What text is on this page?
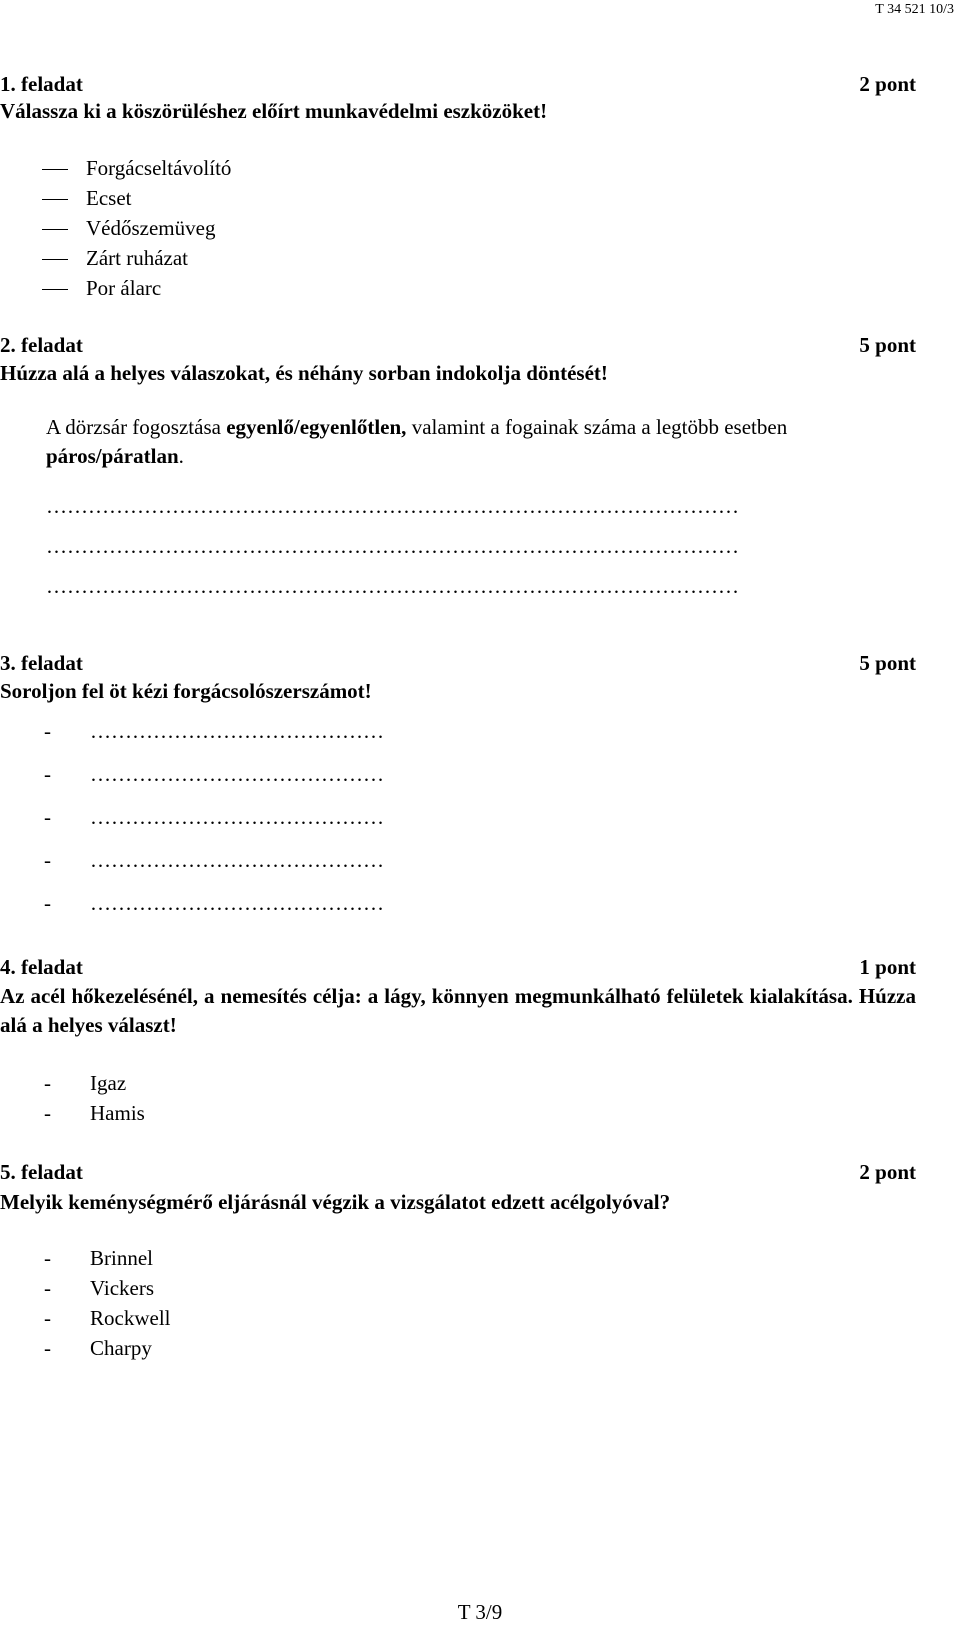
T 34 521 10/3
1. feladat	2 pont
Válassza ki a köszörüléshez előírt munkavédelmi eszközöket!
Forgácseltávolító
Ecset
Védőszemüveg
Zárt ruházat
Por álarc
2. feladat	5 pont
Húzza alá a helyes válaszokat, és néhány sorban indokolja döntését!
A dörzsár fogosztása egyenlő/egyenlőtlen, valamint a fogainak száma a legtöbb esetben
páros/páratlan.
………………………………………………………………………………………
………………………………………………………………………………………
………………………………………………………………………………………
3. feladat	5 pont
Soroljon fel öt kézi forgácsolószerszámot!
- ……………………………………
- ……………………………………
- ……………………………………
- ……………………………………
- ……………………………………
4. feladat	1 pont
Az acél hőkezelésénél, a nemesítés célja: a lágy, könnyen megmunkálható felületek kialakítása. Húzza alá a helyes választ!
- Igaz
- Hamis
5. feladat	2 pont
Melyik keménységmérő eljárásnál végzik a vizsgálatot edzett acélgolyóval?
- Brinnel
- Vickers
- Rockwell
- Charpy
T 3/9
